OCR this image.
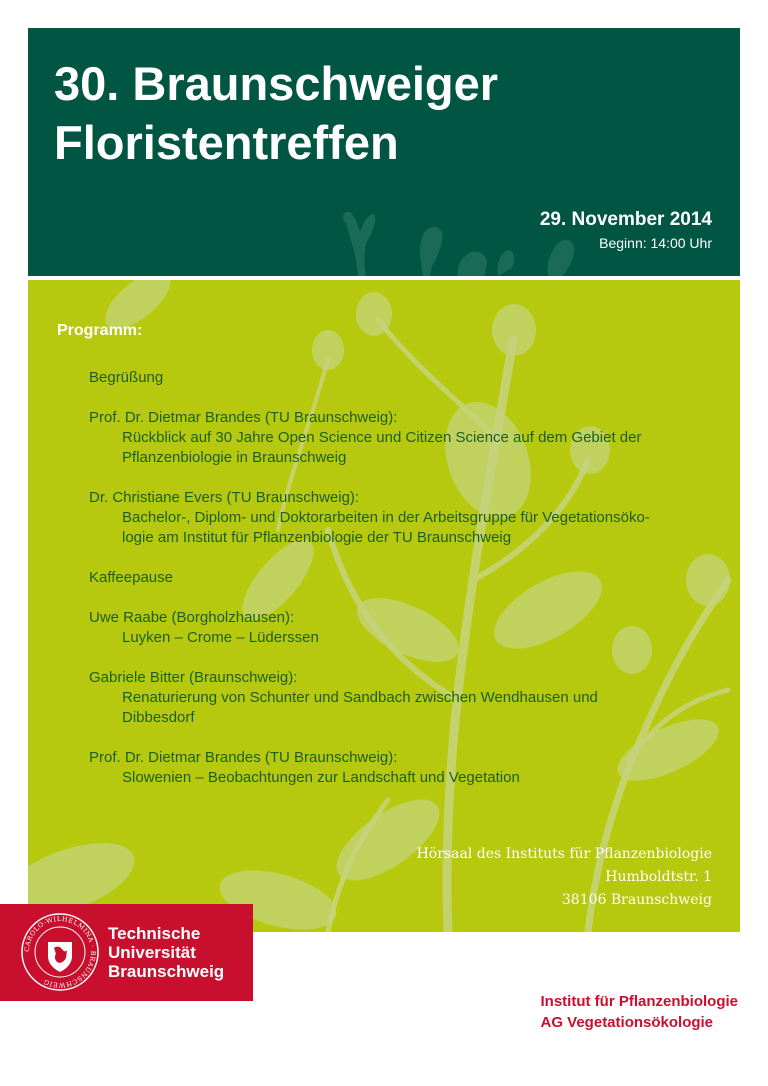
30. Braunschweiger
Floristentreffen
29. November 2014
Beginn: 14:00 Uhr
Programm:
Begrüßung
Prof. Dr. Dietmar Brandes (TU Braunschweig):
Rückblick auf 30 Jahre Open Science und Citizen Science auf dem Gebiet der
Pflanzenbiologie in Braunschweig
Dr. Christiane Evers (TU Braunschweig):
Bachelor-, Diplom- und Doktorarbeiten in der Arbeitsgruppe für Vegetationsöko-
logie am Institut für Pflanzenbiologie der TU Braunschweig
Kaffeepause
Uwe Raabe (Borgholzhausen):
Luyken – Crome – Lüderssen
Gabriele Bitter (Braunschweig):
Renaturierung von Schunter und Sandbach zwischen Wendhausen und
Dibbesdorf
Prof. Dr. Dietmar Brandes (TU Braunschweig):
Slowenien – Beobachtungen zur Landschaft und Vegetation
Hörsaal des Instituts für Pflanzenbiologie
Humboldtstr. 1
38106 Braunschweig
CAROLO-WILHELMINA · BRAUNSCHWEIG
Technische
Universität
Braunschweig
Institut für Pflanzenbiologie
AG Vegetationsökologie
